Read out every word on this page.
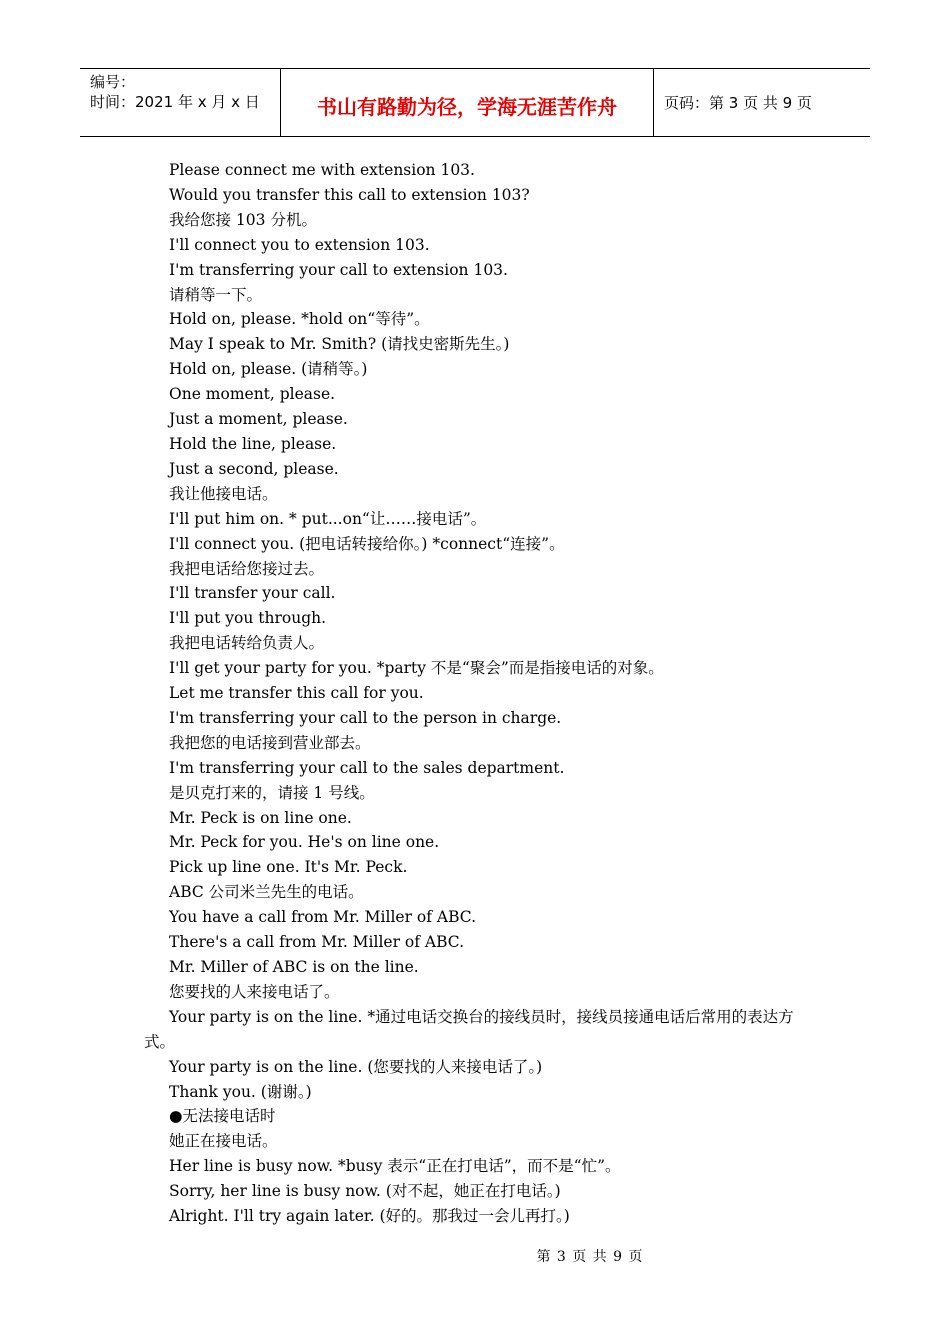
编号：
时间：2021 年 x 月 x 日	书山有路勤为径，学海无涯苦作舟	页码：第 3 页 共 9 页
Please connect me with extension 103.
Would you transfer this call to extension 103?
我给您接 103 分机。
I'll connect you to extension 103.
I'm transferring your call to extension 103.
请稍等一下。
Hold on, please. *hold on“等待”。
May I speak to Mr. Smith? (请找史密斯先生。)
Hold on, please. (请稍等。)
One moment, please.
Just a moment, please.
Hold the line, please.
Just a second, please.
我让他接电话。
I'll put him on. * put...on“让……接电话”。
I'll connect you. (把电话转接给你。) *connect“连接”。
我把电话给您接过去。
I'll transfer your call.
I'll put you through.
我把电话转给负责人。
I'll get your party for you. *party 不是“聚会”而是指接电话的对象。
Let me transfer this call for you.
I'm transferring your call to the person in charge.
我把您的电话接到营业部去。
I'm transferring your call to the sales department.
是贝克打来的，请接 1 号线。
Mr. Peck is on line one.
Mr. Peck for you. He's on line one.
Pick up line one. It's Mr. Peck.
ABC 公司米兰先生的电话。
You have a call from Mr. Miller of ABC.
There's a call from Mr. Miller of ABC.
Mr. Miller of ABC is on the line.
您要找的人来接电话了。
Your party is on the line. *通过电话交换台的接线员时，接线员接通电话后常用的表达方式。
Your party is on the line. (您要找的人来接电话了。)
Thank you. (谢谢。)
●无法接电话时
她正在接电话。
Her line is busy now. *busy 表示“正在打电话”，而不是“忙”。
Sorry, her line is busy now. (对不起，她正在打电话。)
Alright. I'll try again later. (好的。那我过一会儿再打。)
第 3 页 共 9 页
